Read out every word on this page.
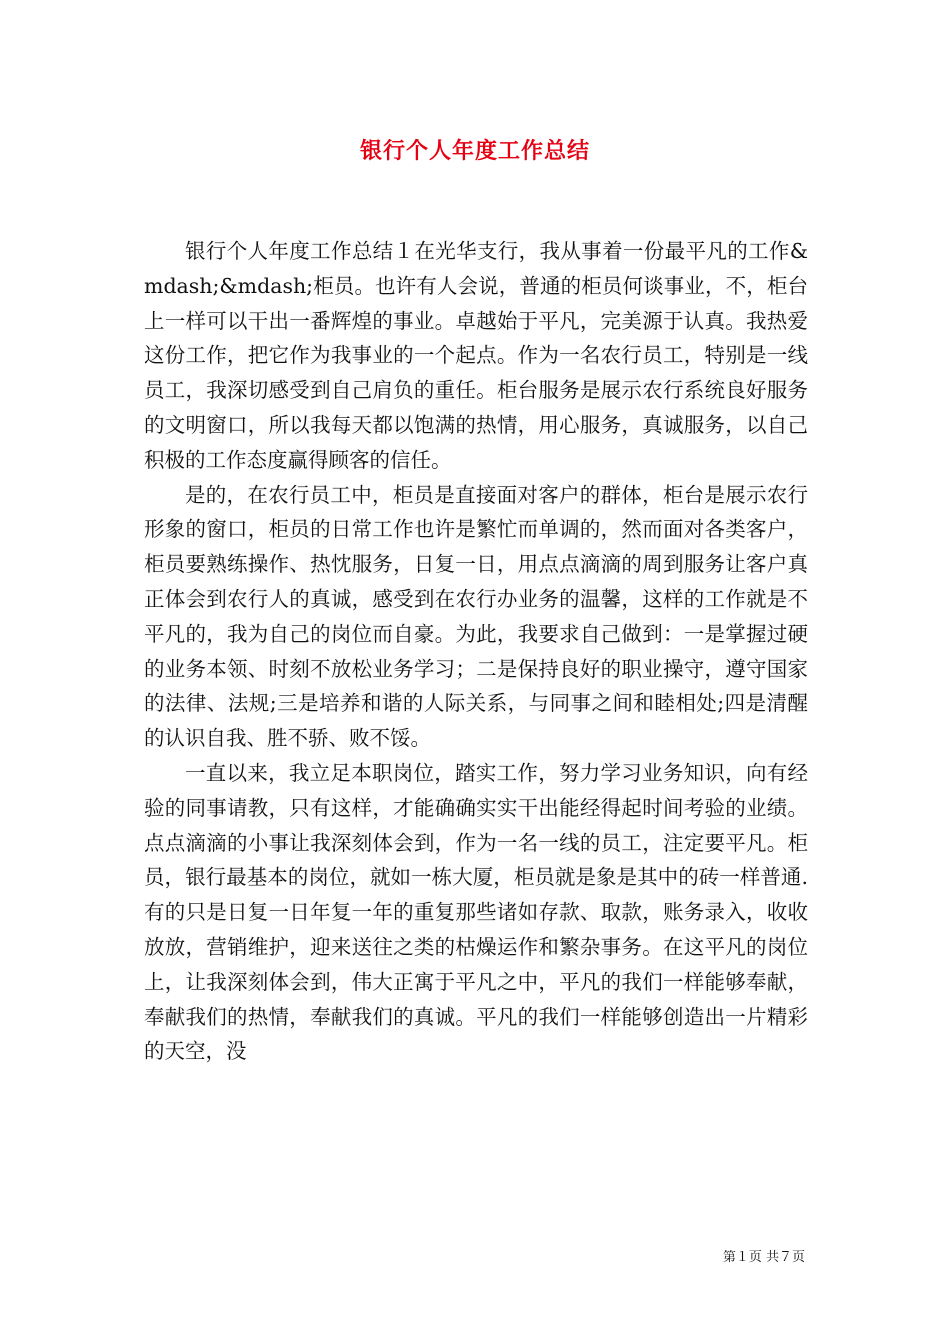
银行个人年度工作总结

银行个人年度工作总结１在光华支行，我从事着一份最平凡的工作&mdash;&mdash;柜员。也许有人会说，普通的柜员何谈事业，不，柜台上一样可以干出一番辉煌的事业。卓越始于平凡，完美源于认真。我热爱这份工作，把它作为我事业的一个起点。作为一名农行员工，特别是一线员工，我深切感受到自己肩负的重任。柜台服务是展示农行系统良好服务的文明窗口，所以我每天都以饱满的热情，用心服务，真诚服务，以自己积极的工作态度赢得顾客的信任。

是的，在农行员工中，柜员是直接面对客户的群体，柜台是展示农行形象的窗口，柜员的日常工作也许是繁忙而单调的，然而面对各类客户，柜员要熟练操作、热忱服务，日复一日，用点点滴滴的周到服务让客户真正体会到农行人的真诚，感受到在农行办业务的温馨，这样的工作就是不平凡的，我为自己的岗位而自豪。为此，我要求自己做到：一是掌握过硬的业务本领、时刻不放松业务学习；二是保持良好的职业操守，遵守国家的法律、法规;三是培养和谐的人际关系，与同事之间和睦相处;四是清醒的认识自我、胜不骄、败不馁。

一直以来，我立足本职岗位，踏实工作，努力学习业务知识，向有经验的同事请教，只有这样，才能确确实实干出能经得起时间考验的业绩。点点滴滴的小事让我深刻体会到，作为一名一线的员工，注定要平凡。柜员，银行最基本的岗位，就如一栋大厦，柜员就是象是其中的砖一样普通.有的只是日复一日年复一年的重复那些诸如存款、取款，账务录入，收收放放，营销维护，迎来送往之类的枯燥运作和繁杂事务。在这平凡的岗位上，让我深刻体会到，伟大正寓于平凡之中，平凡的我们一样能够奉献，奉献我们的热情，奉献我们的真诚。平凡的我们一样能够创造出一片精彩的天空，没

第１页 共７页
